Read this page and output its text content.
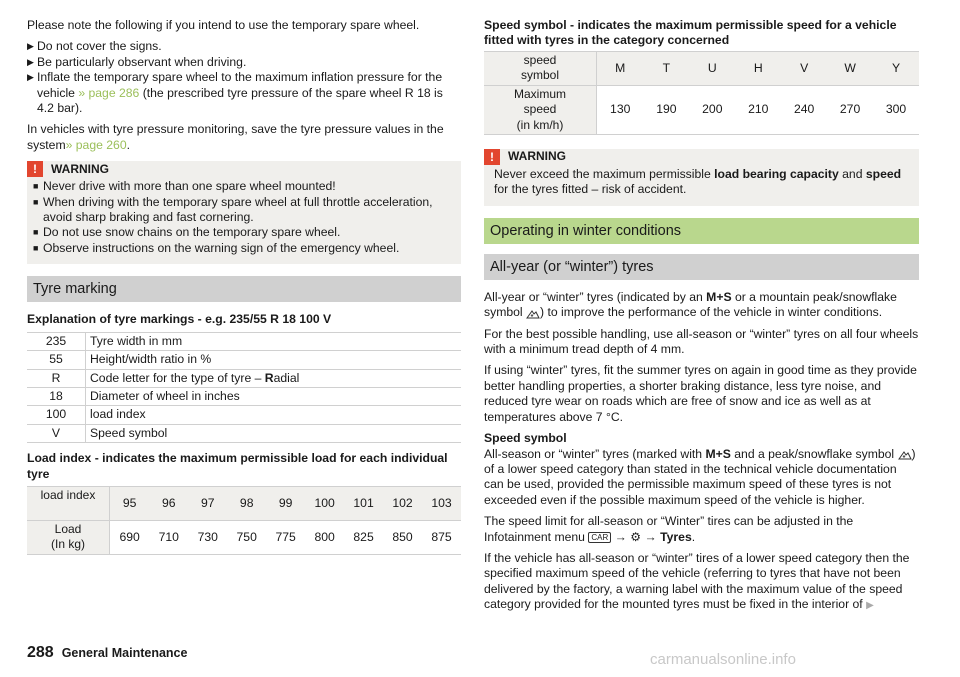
Please note the following if you intend to use the temporary spare wheel.

▶ Do not cover the signs.
▶ Be particularly observant when driving.
▶ Inflate the temporary spare wheel to the maximum inflation pressure for the vehicle » page 286 (the prescribed tyre pressure of the spare wheel R 18 is 4.2 bar).

In vehicles with tyre pressure monitoring, save the tyre pressure values in the system» page 260.

!	WARNING
■ Never drive with more than one spare wheel mounted!
■ When driving with the temporary spare wheel at full throttle acceleration, avoid sharp braking and fast cornering.
■ Do not use snow chains on the temporary spare wheel.
■ Observe instructions on the warning sign of the emergency wheel.
Tyre marking

Explanation of tyre markings - e.g. 235/55 R 18 100 V

235	Tyre width in mm
55	Height/width ratio in %
R	Code letter for the type of tyre – Radial
18	Diameter of wheel in inches
100	load index
V	Speed symbol

Load index - indicates the maximum permissible load for each individual tyre

load index	95	96	97	98	99	100	101	102	103
Load
(In kg)	690	710	730	750	775	800	825	850	875

Speed symbol - indicates the maximum permissible speed for a vehicle fitted with tyres in the category concerned

speed
symbol	M	T	U	H	V	W	Y
Maximum
speed
(in km/h)	130	190	200	210	240	270	300
!	WARNING
Never exceed the maximum permissible load bearing capacity and speed for the tyres fitted – risk of accident.
Operating in winter conditions
All-year (or “winter”) tyres

All-year or “winter” tyres (indicated by an M+S or a mountain peak/snowflake symbol ) to improve the performance of the vehicle in winter conditions.

For the best possible handling, use all-season or “winter” tyres on all four wheels with a minimum tread depth of 4 mm.

If using “winter” tyres, fit the summer tyres on again in good time as they provide better handling properties, a shorter braking distance, less tyre noise, and reduced tyre wear on roads which are free of snow and ice as well as at temperatures above 7 °C.

Speed symbol
All-season or “winter” tyres (marked with M+S and a peak/snowflake symbol ) of a lower speed category than stated in the technical vehicle documentation can be used, provided the permissible maximum speed of these tyres is not exceeded even if the possible maximum speed of the vehicle is higher.

The speed limit for all-season or “Winter” tires can be adjusted in the Infotainment menu CAR → ⚙ → Tyres.

If the vehicle has all-season or “winter” tires of a lower speed category then the specified maximum speed of the vehicle (referring to tyres that have not been delivered by the factory, a warning label with the maximum value of the speed category provided for the mounted tyres must be fixed in the interior of ▶

288 General Maintenance	carmanualsonline.info
